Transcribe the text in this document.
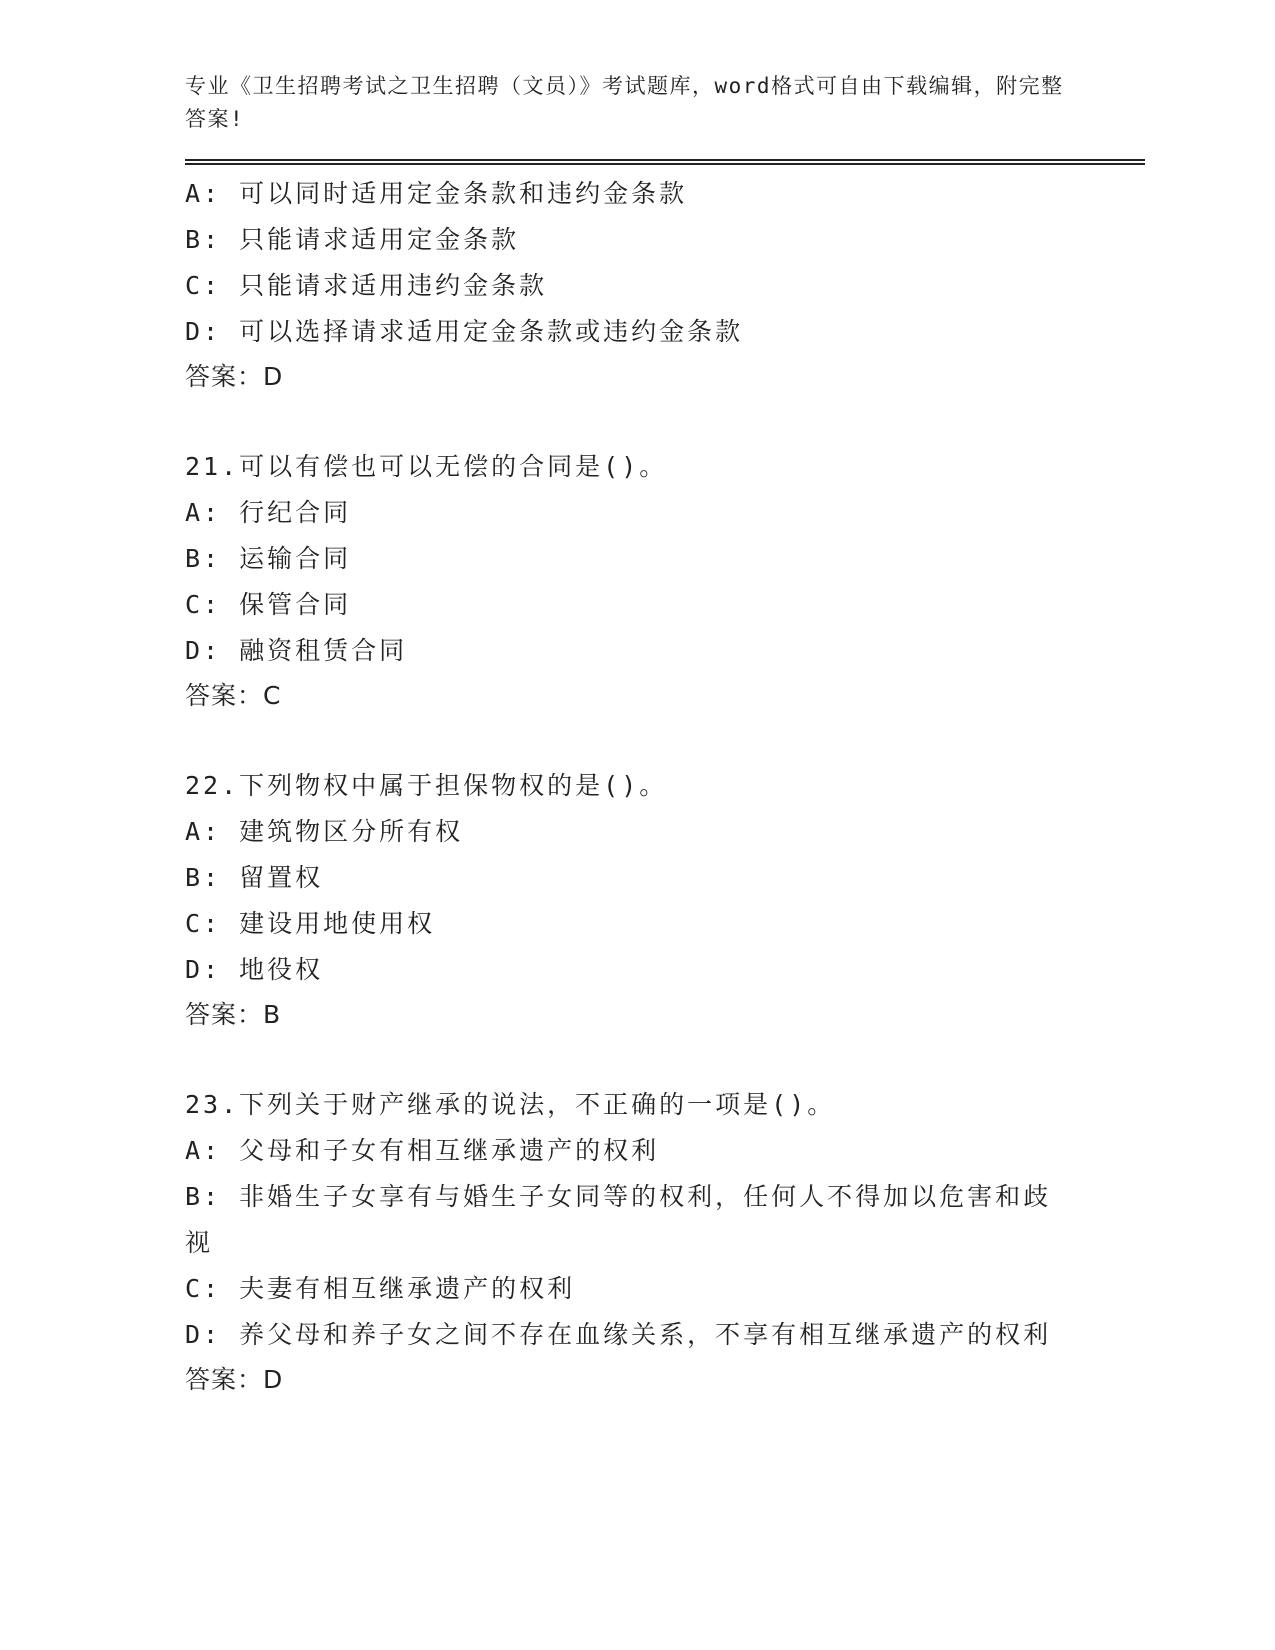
专业《卫生招聘考试之卫生招聘（文员）》考试题库，word格式可自由下载编辑，附完整答案!

A: 可以同时适用定金条款和违约金条款

B: 只能请求适用定金条款

C: 只能请求适用违约金条款

D: 可以选择请求适用定金条款或违约金条款

答案：D

21.可以有偿也可以无偿的合同是()。

A: 行纪合同

B: 运输合同

C: 保管合同

D: 融资租赁合同

答案：C

22.下列物权中属于担保物权的是()。

A: 建筑物区分所有权

B: 留置权

C: 建设用地使用权

D: 地役权

答案：B

23.下列关于财产继承的说法，不正确的一项是()。

A: 父母和子女有相互继承遗产的权利

B: 非婚生子女享有与婚生子女同等的权利，任何人不得加以危害和歧视

C: 夫妻有相互继承遗产的权利

D: 养父母和养子女之间不存在血缘关系，不享有相互继承遗产的权利

答案：D
